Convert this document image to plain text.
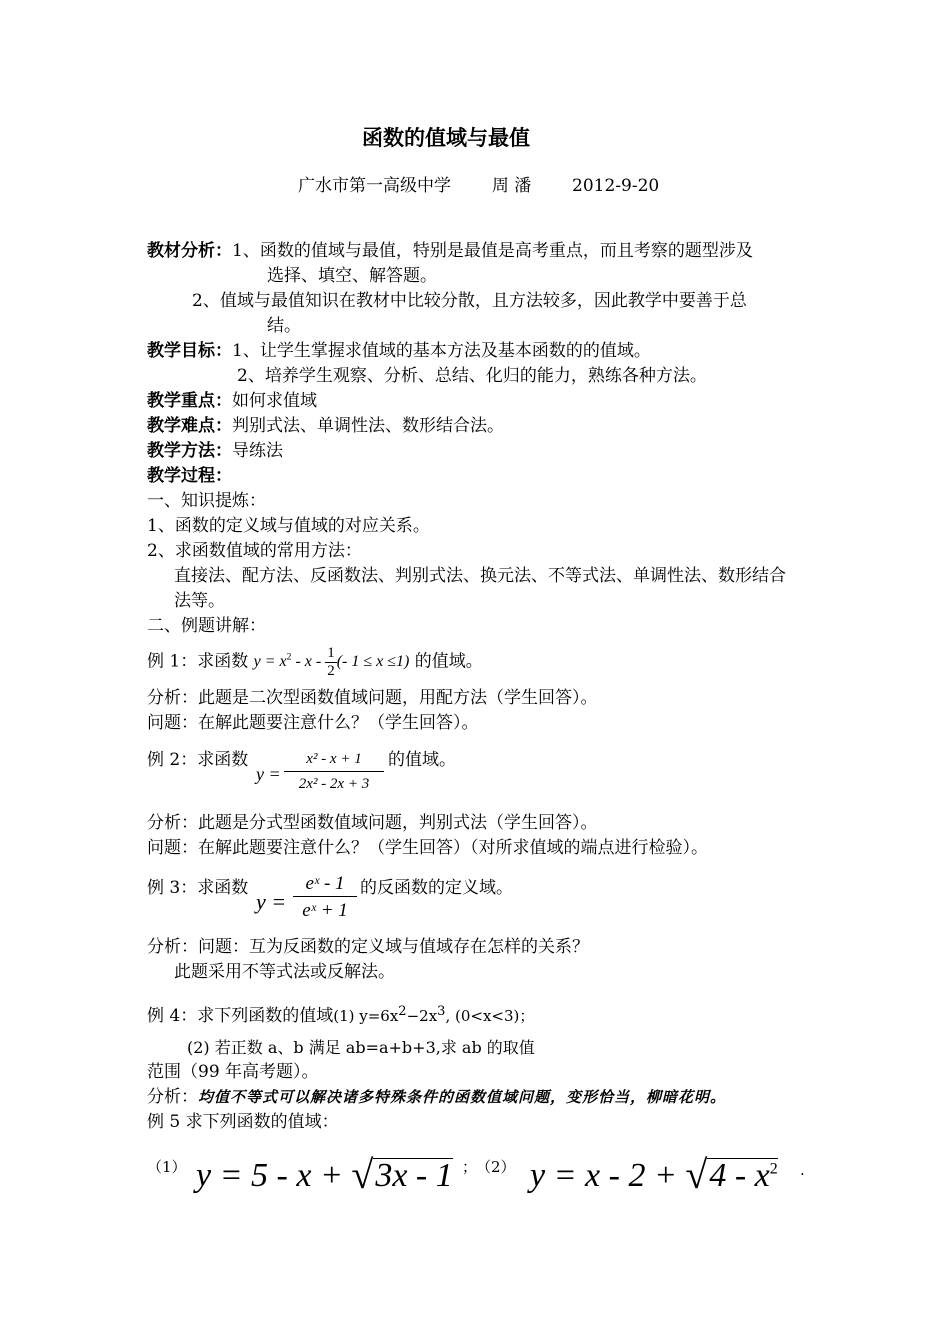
函数的值域与最值
广水市第一高级中学 周 潘 2012-9-20
教材分析：1、函数的值域与最值，特别是最值是高考重点，而且考察的题型涉及
选择、填空、解答题。
2、值域与最值知识在教材中比较分散，且方法较多，因此教学中要善于总
结。
教学目标：1、让学生掌握求值域的基本方法及基本函数的的值域。
2、培养学生观察、分析、总结、化归的能力，熟练各种方法。
教学重点：如何求值域
教学难点：判别式法、单调性法、数形结合法。
教学方法：导练法
教学过程：
一、知识提炼：
1、函数的定义域与值域的对应关系。
2、求函数值域的常用方法：
直接法、配方法、反函数法、判别式法、换元法、不等式法、单调性法、数形结合
法等。
二、例题讲解：
例 1：求函数 $y = x^2 - x - \frac{1}{2}$ (- 1 ≤ x ≤1) 的值域。
分析：此题是二次型函数值域问题，用配方法（学生回答）。
问题：在解此题要注意什么？（学生回答）。
例 2：求函数
$y = \frac{\text{x² - x + 1}}{\text{2x² - 2x + 3}}$ 的值域。
分析：此题是分式型函数值域问题，判别式法（学生回答）。
问题：在解此题要注意什么？（学生回答）（对所求值域的端点进行检验）。
例 3：求函数
$y = \frac{\text{eˣ - 1}}{\text{eˣ + 1}}$ 的反函数的定义域。
分析：问题：互为反函数的定义域与值域存在怎样的关系？
此题采用不等式法或反解法。
例 4：求下列函数的值域(1) $y=6x^2-2x^3$, (0<x<3)；
(2) 若正数 a、b 满足 ab=a+b+3,求 ab 的取值
范围（99 年高考题）。
分析：均值不等式可以解决诸多特殊条件的函数值域问题，变形恰当，柳暗花明。
例 5 求下列函数的值域：
（1） y = 5 - x + √3x - 1 ；
（2） $y = x - 2 + √4 - x^2$ .
